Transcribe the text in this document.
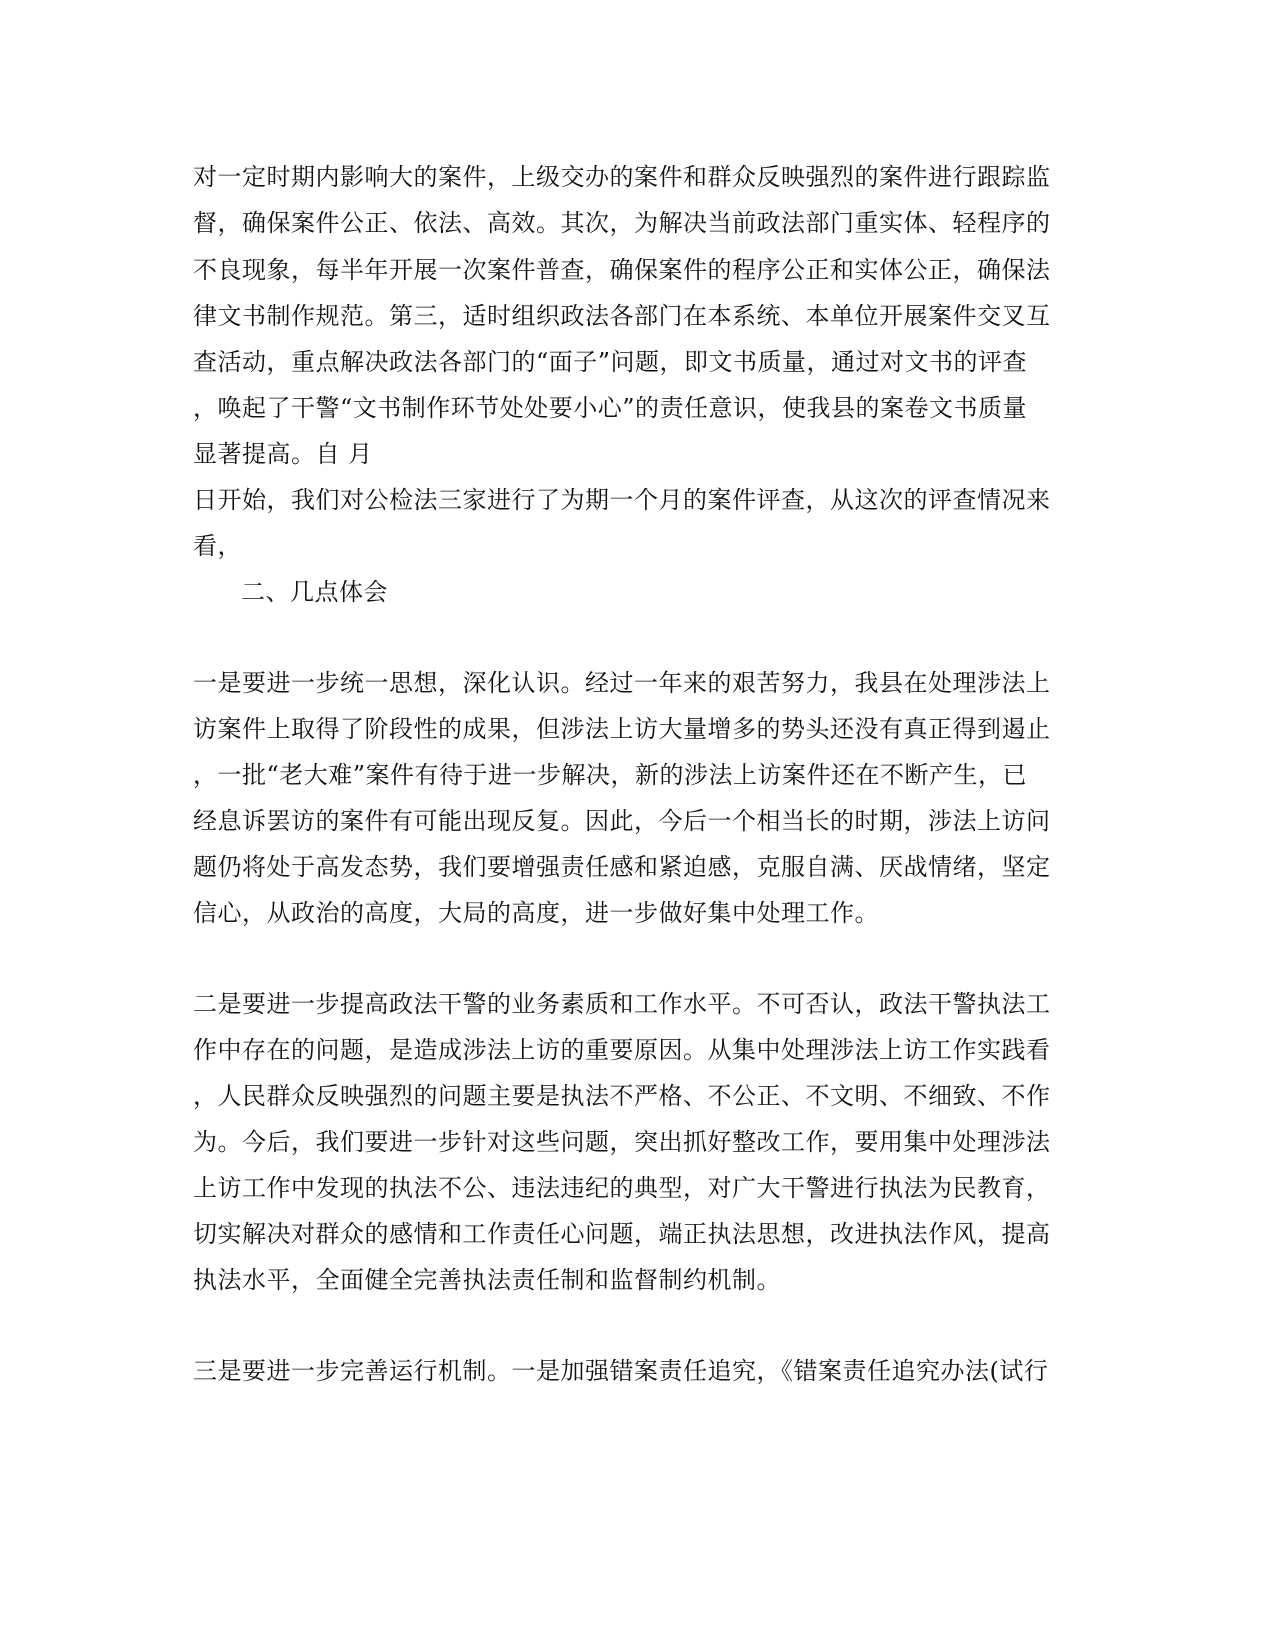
对一定时期内影响大的案件，上级交办的案件和群众反映强烈的案件进行跟踪监
督，确保案件公正、依法、高效。其次，为解决当前政法部门重实体、轻程序的
不良现象，每半年开展一次案件普查，确保案件的程序公正和实体公正，确保法
律文书制作规范。第三，适时组织政法各部门在本系统、本单位开展案件交叉互
查活动，重点解决政法各部门的“面子”问题，即文书质量，通过对文书的评查
，唤起了干警“文书制作环节处处要小心”的责任意识，使我县的案卷文书质量
显著提高。自 月
日开始，我们对公检法三家进行了为期一个月的案件评查，从这次的评查情况来
看，
二、几点体会
一是要进一步统一思想，深化认识。经过一年来的艰苦努力，我县在处理涉法上
访案件上取得了阶段性的成果，但涉法上访大量增多的势头还没有真正得到遏止
，一批“老大难”案件有待于进一步解决，新的涉法上访案件还在不断产生，已
经息诉罢访的案件有可能出现反复。因此，今后一个相当长的时期，涉法上访问
题仍将处于高发态势，我们要增强责任感和紧迫感，克服自满、厌战情绪，坚定
信心，从政治的高度，大局的高度，进一步做好集中处理工作。
二是要进一步提高政法干警的业务素质和工作水平。不可否认，政法干警执法工
作中存在的问题，是造成涉法上访的重要原因。从集中处理涉法上访工作实践看
，人民群众反映强烈的问题主要是执法不严格、不公正、不文明、不细致、不作
为。今后，我们要进一步针对这些问题，突出抓好整改工作，要用集中处理涉法
上访工作中发现的执法不公、违法违纪的典型，对广大干警进行执法为民教育，
切实解决对群众的感情和工作责任心问题，端正执法思想，改进执法作风，提高
执法水平，全面健全完善执法责任制和监督制约机制。
三是要进一步完善运行机制。一是加强错案责任追究，《错案责任追究办法(试行
